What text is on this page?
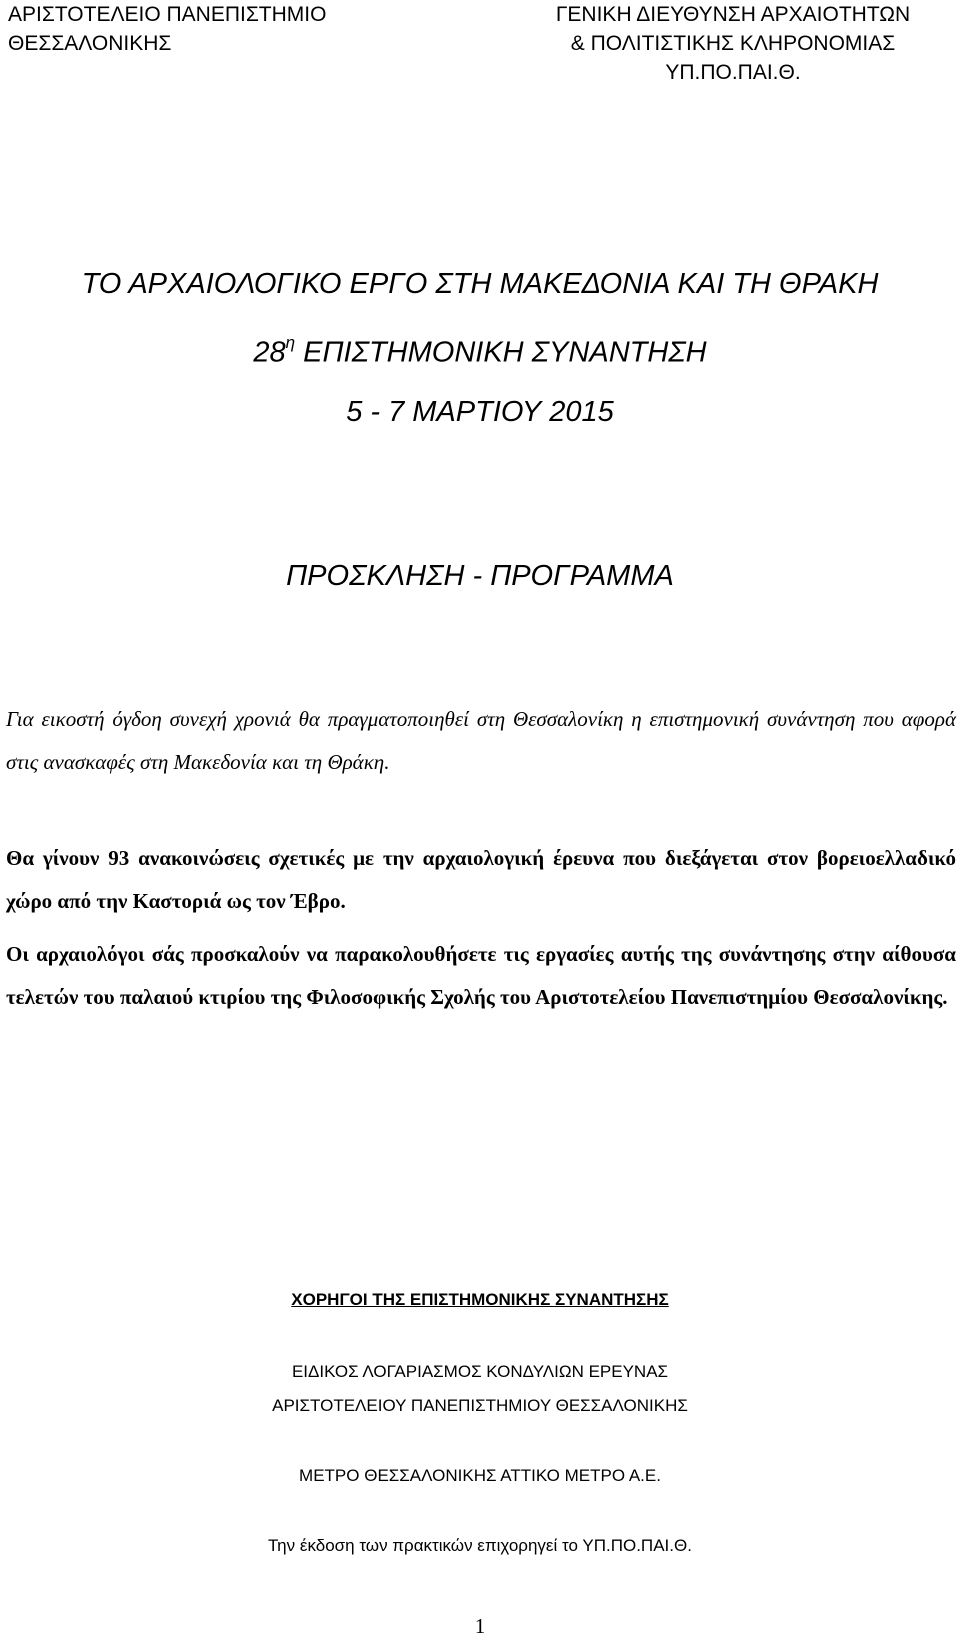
ΑΡΙΣΤΟΤΕΛΕΙΟ ΠΑΝΕΠΙΣΤΗΜΙΟ
ΘΕΣΣΑΛΟΝΙΚΗΣ
ΓΕΝΙΚΗ ΔΙΕΥΘΥΝΣΗ ΑΡΧΑΙΟΤΗΤΩΝ
& ΠΟΛΙΤΙΣΤΙΚΗΣ ΚΛΗΡΟΝΟΜΙΑΣ
ΥΠ.ΠΟ.ΠΑΙ.Θ.
ΤΟ ΑΡΧΑΙΟΛΟΓΙΚΟ ΕΡΓΟ ΣΤΗ ΜΑΚΕΔΟΝΙΑ ΚΑΙ ΤΗ ΘΡΑΚΗ
$28^\eta$ ΕΠΙΣΤΗΜΟΝΙΚΗ ΣΥΝΑΝΤΗΣΗ
5 - 7 ΜΑΡΤΙΟΥ 2015
ΠΡΟΣΚΛΗΣΗ - ΠΡΟΓΡΑΜΜΑ

Για εικοστή όγδοη συνεχή χρονιά θα πραγματοποιηθεί στη Θεσσαλονίκη η επιστημονική συνάντηση που αφορά στις ανασκαφές στη Μακεδονία και τη Θράκη.

Θα γίνουν 93 ανακοινώσεις σχετικές με την αρχαιολογική έρευνα που διεξάγεται στον βορειοελλαδικό χώρο από την Καστοριά ως τον Έβρο.

Οι αρχαιολόγοι σάς προσκαλούν να παρακολουθήσετε τις εργασίες αυτής της συνάντησης στην αίθουσα τελετών του παλαιού κτιρίου της Φιλοσοφικής Σχολής του Αριστοτελείου Πανεπιστημίου Θεσσαλονίκης.

ΧΟΡΗΓΟΙ ΤΗΣ ΕΠΙΣΤΗΜΟΝΙΚΗΣ ΣΥΝΑΝΤΗΣΗΣ
ΕΙΔΙΚΟΣ ΛΟΓΑΡΙΑΣΜΟΣ ΚΟΝΔΥΛΙΩΝ ΕΡΕΥΝΑΣ
ΑΡΙΣΤΟΤΕΛΕΙΟΥ ΠΑΝΕΠΙΣΤΗΜΙΟΥ ΘΕΣΣΑΛΟΝΙΚΗΣ
ΜΕΤΡΟ ΘΕΣΣΑΛΟΝΙΚΗΣ ΑΤΤΙΚΟ ΜΕΤΡΟ Α.Ε.
Την έκδοση των πρακτικών επιχορηγεί το ΥΠ.ΠΟ.ΠΑΙ.Θ.
1
